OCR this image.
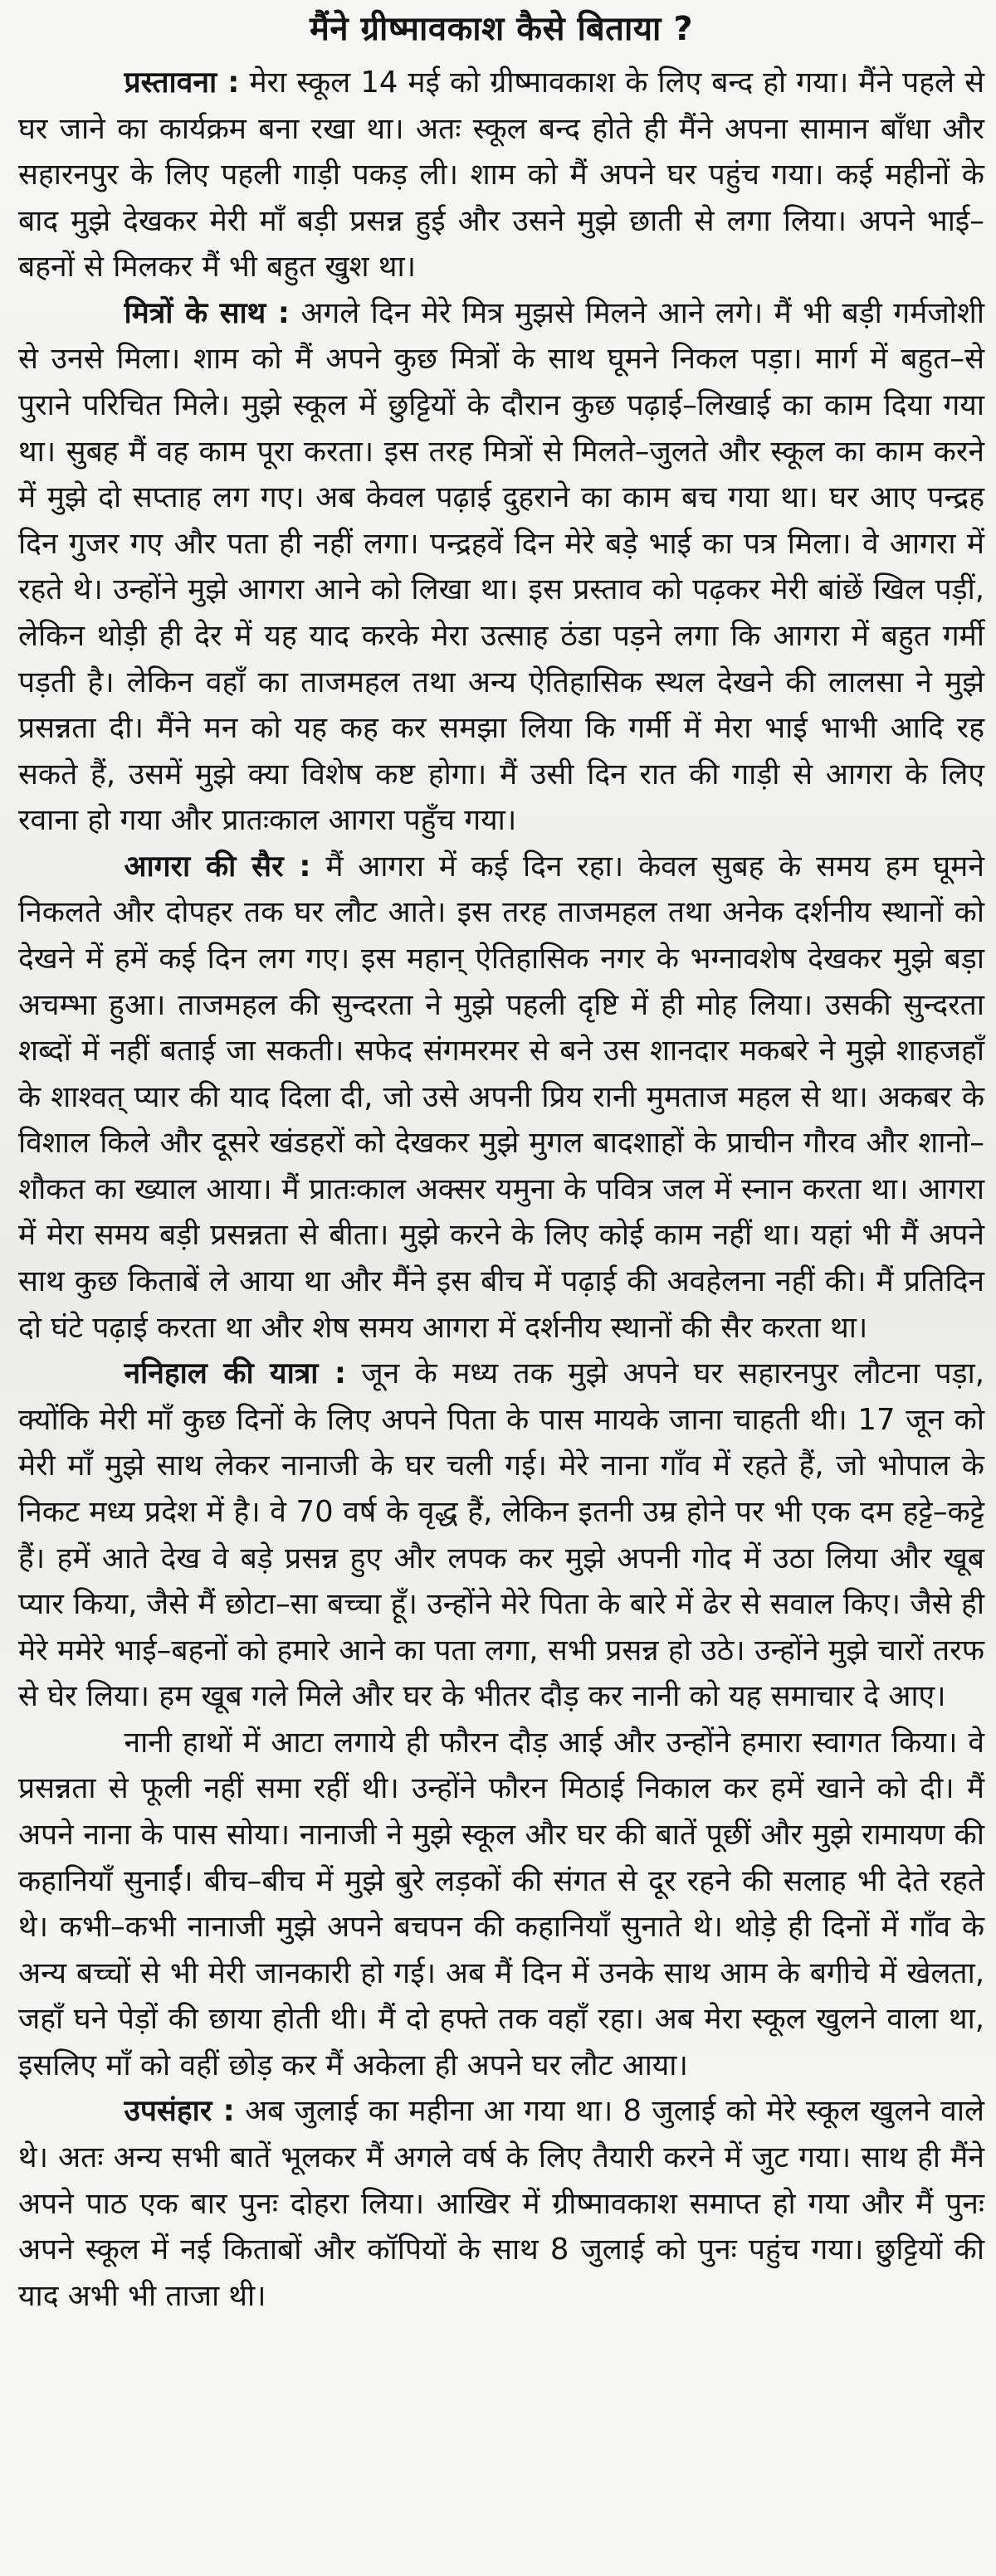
मैंने ग्रीष्मावकाश कैसे बिताया ?

प्रस्तावना : मेरा स्कूल 14 मई को ग्रीष्मावकाश के लिए बन्द हो गया। मैंने पहले से घर जाने का कार्यक्रम बना रखा था। अतः स्कूल बन्द होते ही मैंने अपना सामान बाँधा और सहारनपुर के लिए पहली गाड़ी पकड़ ली। शाम को मैं अपने घर पहुंच गया। कई महीनों के बाद मुझे देखकर मेरी माँ बड़ी प्रसन्न हुई और उसने मुझे छाती से लगा लिया। अपने भाई–बहनों से मिलकर मैं भी बहुत खुश था।

मित्रों के साथ : अगले दिन मेरे मित्र मुझसे मिलने आने लगे। मैं भी बड़ी गर्मजोशी से उनसे मिला। शाम को मैं अपने कुछ मित्रों के साथ घूमने निकल पड़ा। मार्ग में बहुत–से पुराने परिचित मिले। मुझे स्कूल में छुट्टियों के दौरान कुछ पढ़ाई–लिखाई का काम दिया गया था। सुबह मैं वह काम पूरा करता। इस तरह मित्रों से मिलते–जुलते और स्कूल का काम करने में मुझे दो सप्ताह लग गए। अब केवल पढ़ाई दुहराने का काम बच गया था। घर आए पन्द्रह दिन गुजर गए और पता ही नहीं लगा। पन्द्रहवें दिन मेरे बड़े भाई का पत्र मिला। वे आगरा में रहते थे। उन्होंने मुझे आगरा आने को लिखा था। इस प्रस्ताव को पढ़कर मेरी बांछें खिल पड़ीं, लेकिन थोड़ी ही देर में यह याद करके मेरा उत्साह ठंडा पड़ने लगा कि आगरा में बहुत गर्मी पड़ती है। लेकिन वहाँ का ताजमहल तथा अन्य ऐतिहासिक स्थल देखने की लालसा ने मुझे प्रसन्नता दी। मैंने मन को यह कह कर समझा लिया कि गर्मी में मेरा भाई भाभी आदि रह सकते हैं, उसमें मुझे क्या विशेष कष्ट होगा। मैं उसी दिन रात की गाड़ी से आगरा के लिए रवाना हो गया और प्रातःकाल आगरा पहुँच गया।

आगरा की सैर : मैं आगरा में कई दिन रहा। केवल सुबह के समय हम घूमने निकलते और दोपहर तक घर लौट आते। इस तरह ताजमहल तथा अनेक दर्शनीय स्थानों को देखने में हमें कई दिन लग गए। इस महान् ऐतिहासिक नगर के भग्नावशेष देखकर मुझे बड़ा अचम्भा हुआ। ताजमहल की सुन्दरता ने मुझे पहली दृष्टि में ही मोह लिया। उसकी सुन्दरता शब्दों में नहीं बताई जा सकती। सफेद संगमरमर से बने उस शानदार मकबरे ने मुझे शाहजहाँ के शाश्वत् प्यार की याद दिला दी, जो उसे अपनी प्रिय रानी मुमताज महल से था। अकबर के विशाल किले और दूसरे खंडहरों को देखकर मुझे मुगल बादशाहों के प्राचीन गौरव और शानो–शौकत का ख्याल आया। मैं प्रातःकाल अक्सर यमुना के पवित्र जल में स्नान करता था। आगरा में मेरा समय बड़ी प्रसन्नता से बीता। मुझे करने के लिए कोई काम नहीं था। यहां भी मैं अपने साथ कुछ किताबें ले आया था और मैंने इस बीच में पढ़ाई की अवहेलना नहीं की। मैं प्रतिदिन दो घंटे पढ़ाई करता था और शेष समय आगरा में दर्शनीय स्थानों की सैर करता था।

ननिहाल की यात्रा : जून के मध्य तक मुझे अपने घर सहारनपुर लौटना पड़ा, क्योंकि मेरी माँ कुछ दिनों के लिए अपने पिता के पास मायके जाना चाहती थी। 17 जून को मेरी माँ मुझे साथ लेकर नानाजी के घर चली गई। मेरे नाना गाँव में रहते हैं, जो भोपाल के निकट मध्य प्रदेश में है। वे 70 वर्ष के वृद्ध हैं, लेकिन इतनी उम्र होने पर भी एक दम हट्टे–कट्टे हैं। हमें आते देख वे बड़े प्रसन्न हुए और लपक कर मुझे अपनी गोद में उठा लिया और खूब प्यार किया, जैसे मैं छोटा–सा बच्चा हूँ। उन्होंने मेरे पिता के बारे में ढेर से सवाल किए। जैसे ही मेरे ममेरे भाई–बहनों को हमारे आने का पता लगा, सभी प्रसन्न हो उठे। उन्होंने मुझे चारों तरफ से घेर लिया। हम खूब गले मिले और घर के भीतर दौड़ कर नानी को यह समाचार दे आए।

नानी हाथों में आटा लगाये ही फौरन दौड़ आई और उन्होंने हमारा स्वागत किया। वे प्रसन्नता से फूली नहीं समा रहीं थी। उन्होंने फौरन मिठाई निकाल कर हमें खाने को दी। मैं अपने नाना के पास सोया। नानाजी ने मुझे स्कूल और घर की बातें पूछीं और मुझे रामायण की कहानियाँ सुनाईं। बीच–बीच में मुझे बुरे लड़कों की संगत से दूर रहने की सलाह भी देते रहते थे। कभी–कभी नानाजी मुझे अपने बचपन की कहानियाँ सुनाते थे। थोड़े ही दिनों में गाँव के अन्य बच्चों से भी मेरी जानकारी हो गई। अब मैं दिन में उनके साथ आम के बगीचे में खेलता, जहाँ घने पेड़ों की छाया होती थी। मैं दो हफ्ते तक वहाँ रहा। अब मेरा स्कूल खुलने वाला था, इसलिए माँ को वहीं छोड़ कर मैं अकेला ही अपने घर लौट आया।

उपसंहार : अब जुलाई का महीना आ गया था। 8 जुलाई को मेरे स्कूल खुलने वाले थे। अतः अन्य सभी बातें भूलकर मैं अगले वर्ष के लिए तैयारी करने में जुट गया। साथ ही मैंने अपने पाठ एक बार पुनः दोहरा लिया। आखिर में ग्रीष्मावकाश समाप्त हो गया और मैं पुनः अपने स्कूल में नई किताबों और कॉपियों के साथ 8 जुलाई को पुनः पहुंच गया। छुट्टियों की याद अभी भी ताजा थी।
